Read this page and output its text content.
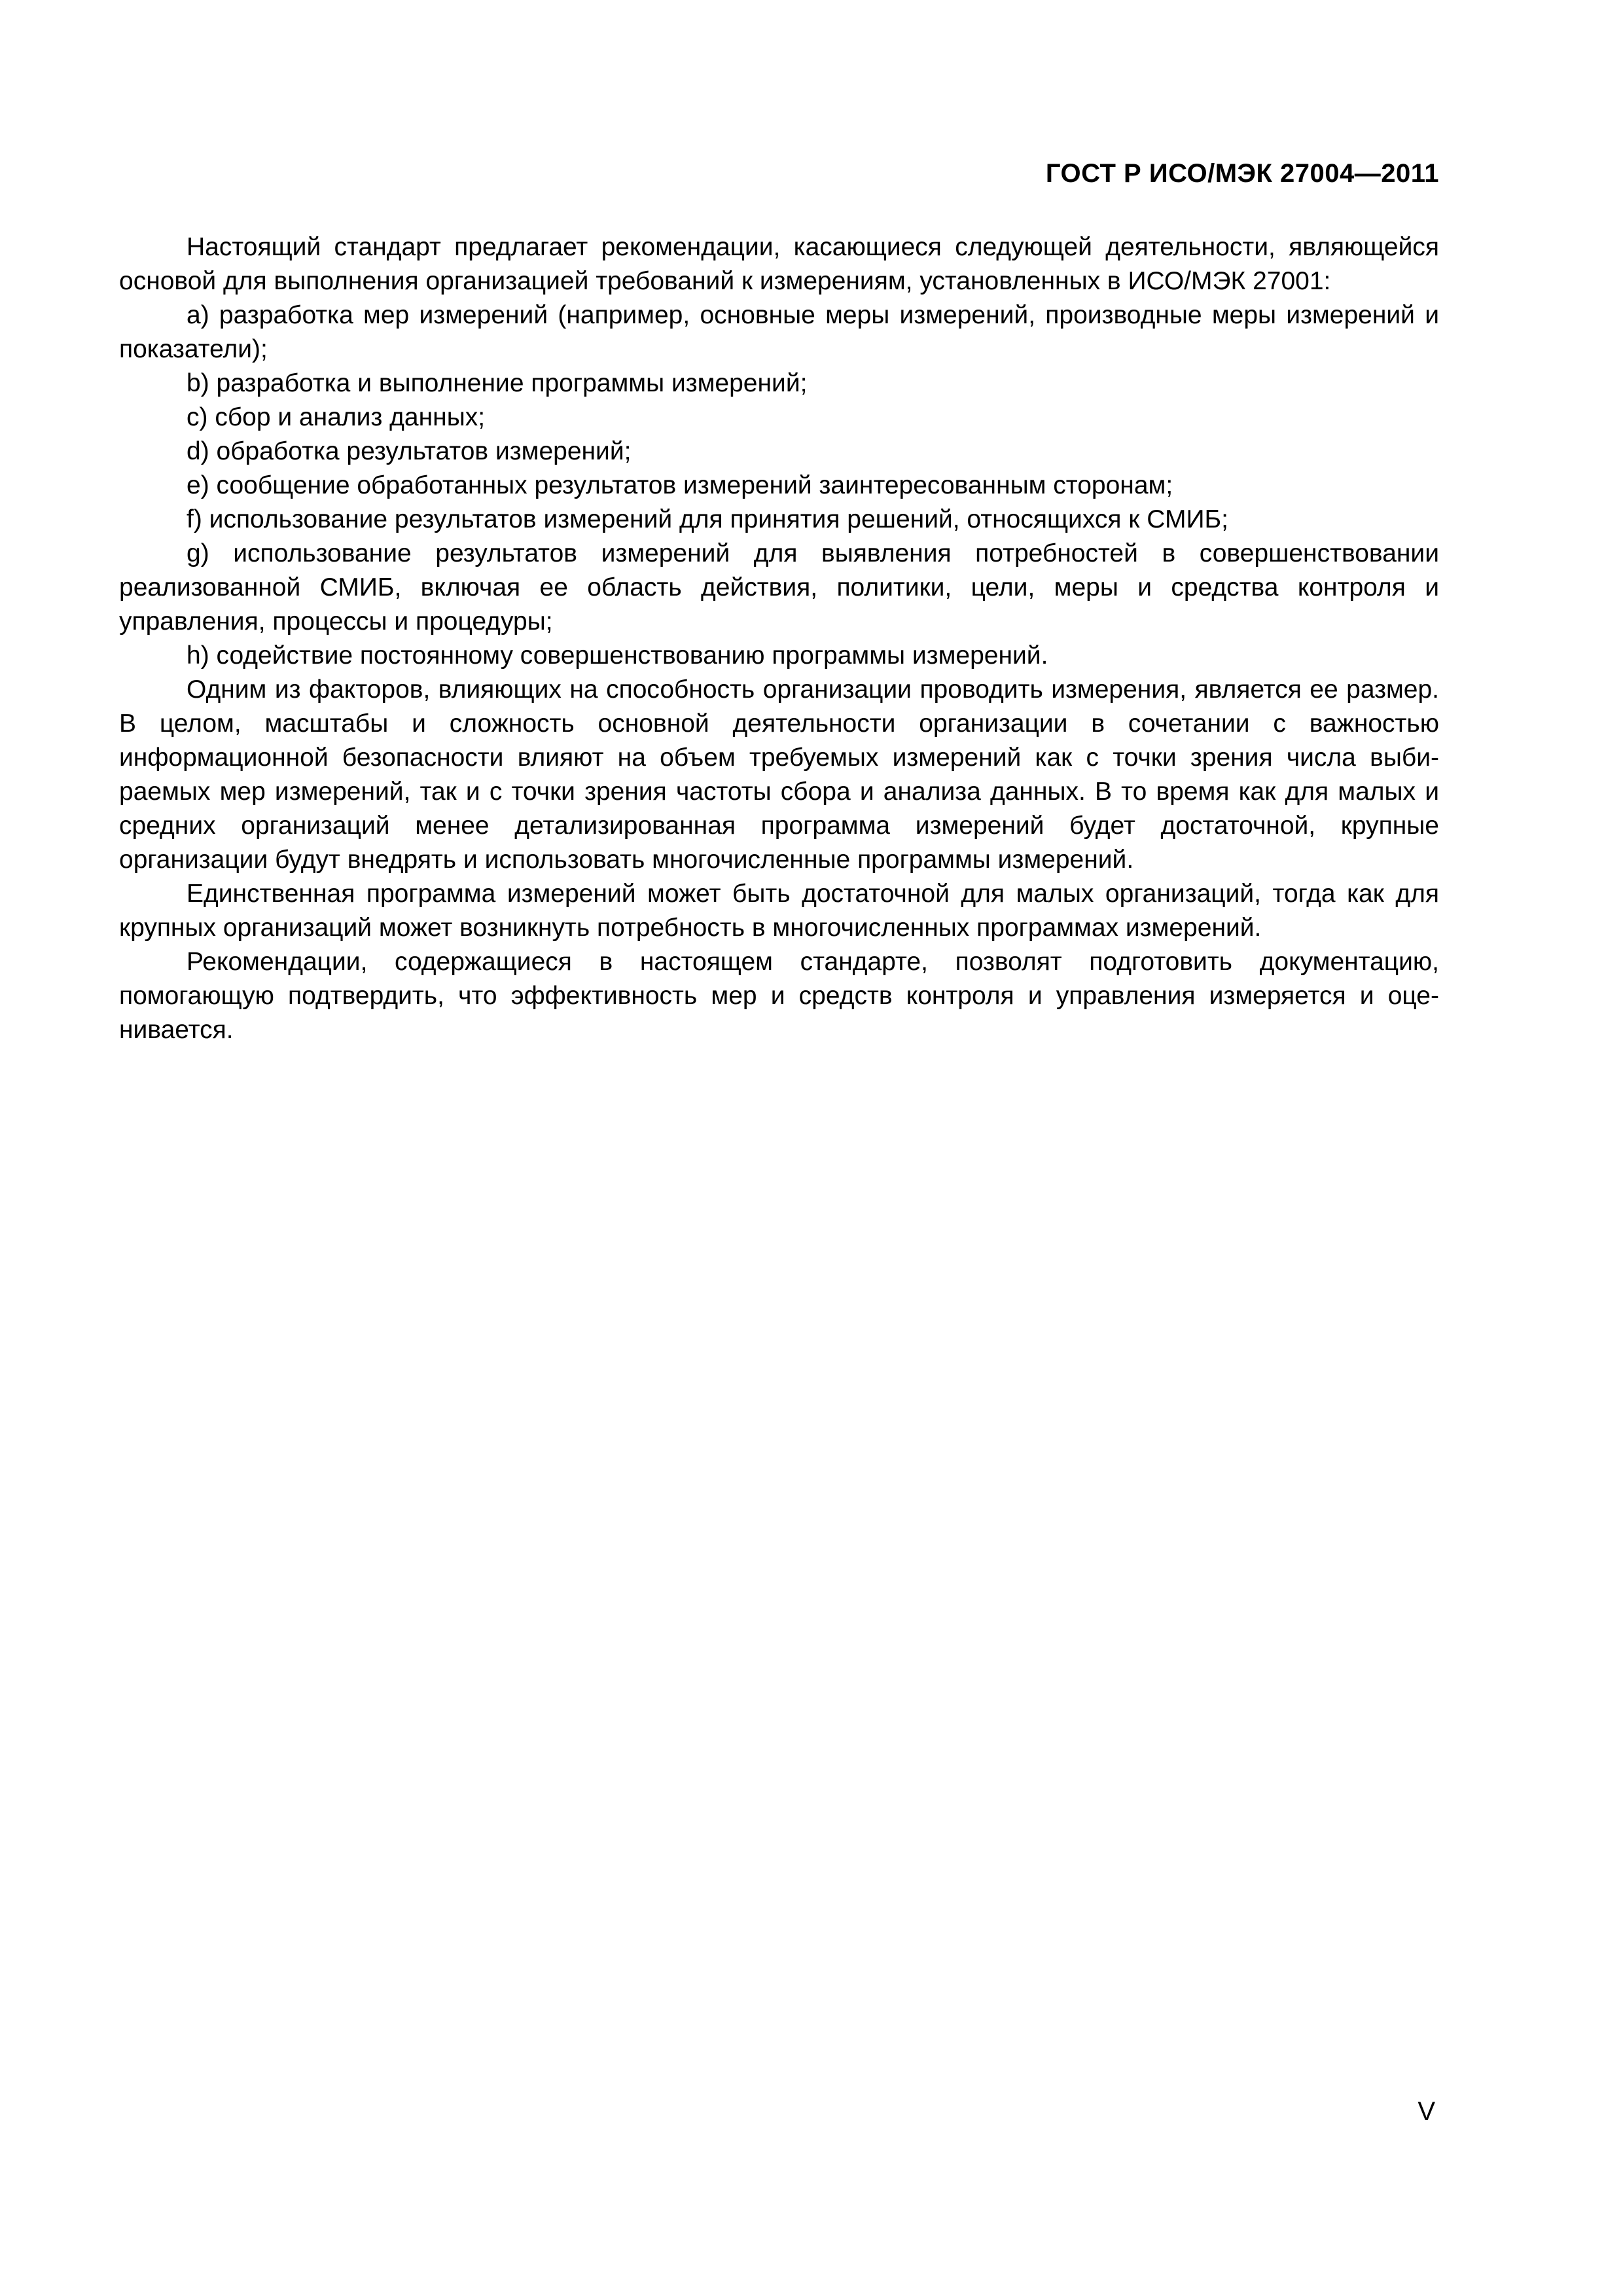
ГОСТ Р ИСО/МЭК 27004—2011

Настоящий стандарт предлагает рекомендации, касающиеся следующей деятельности, являющейся основой для выполнения организацией требований к измерениям, установленных в ИСО/МЭК 27001:

a) разработка мер измерений (например, основные меры измерений, производные меры измерений и показатели);

b) разработка и выполнение программы измерений;

c) сбор и анализ данных;

d) обработка результатов измерений;

e) сообщение обработанных результатов измерений заинтересованным сторонам;

f) использование результатов измерений для принятия решений, относящихся к СМИБ;

g) использование результатов измерений для выявления потребностей в совершенствовании реализованной СМИБ, включая ее область действия, политики, цели, меры и средства контроля и управления, процессы и процедуры;

h) содействие постоянному совершенствованию программы измерений.

Одним из факторов, влияющих на способность организации проводить измерения, является ее размер. В целом, масштабы и сложность основной деятельности организации в сочетании с важностью информационной безопасности влияют на объем требуемых измерений как с точки зрения числа выбираемых мер измерений, так и с точки зрения частоты сбора и анализа данных. В то время как для малых и средних организаций менее детализированная программа измерений будет достаточной, крупные организации будут внедрять и использовать многочисленные программы измерений.

Единственная программа измерений может быть достаточной для малых организаций, тогда как для крупных организаций может возникнуть потребность в многочисленных программах измерений.

Рекомендации, содержащиеся в настоящем стандарте, позволят подготовить документацию, помогающую подтвердить, что эффективность мер и средств контроля и управления измеряется и оценивается.

V
